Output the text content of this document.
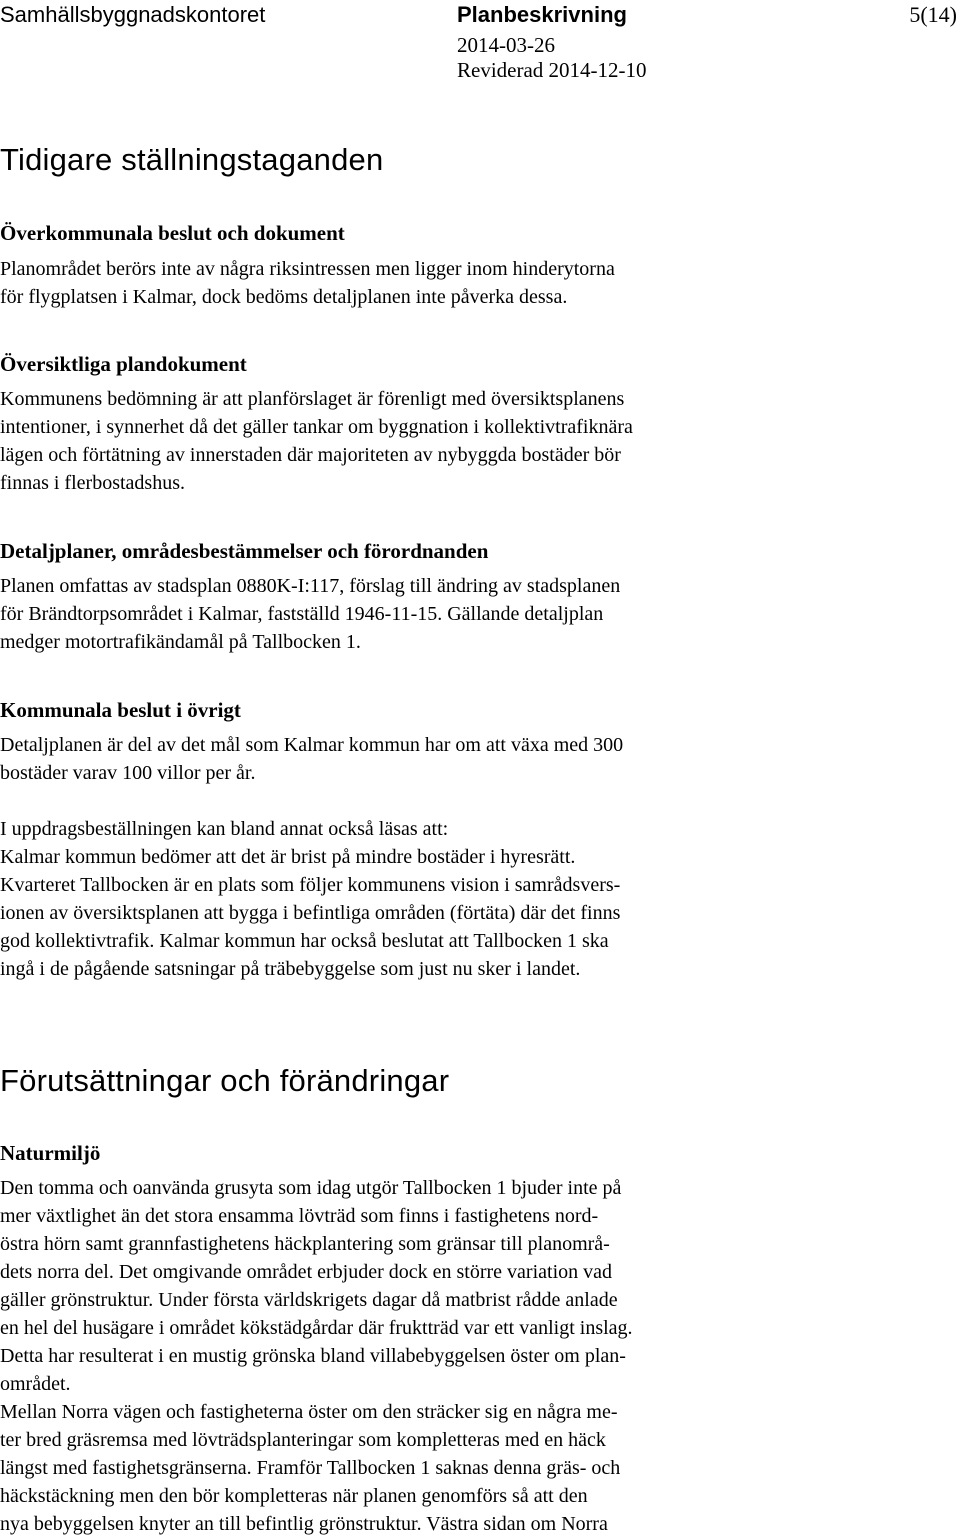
Samhällsbyggnadskontoret	Planbeskrivning	5(14)
2014-03-26
Reviderad 2014-12-10
Tidigare ställningstaganden
Överkommunala beslut och dokument
Planområdet berörs inte av några riksintressen men ligger inom hinderytorna
för flygplatsen i Kalmar, dock bedöms detaljplanen inte påverka dessa.
Översiktliga plandokument
Kommunens bedömning är att planförslaget är förenligt med översiktsplanens
intentioner, i synnerhet då det gäller tankar om byggnation i kollektivtrafiknära
lägen och förtätning av innerstaden där majoriteten av nybyggda bostäder bör
finnas i flerbostadshus.
Detaljplaner, områdesbestämmelser och förordnanden
Planen omfattas av stadsplan 0880K-I:117, förslag till ändring av stadsplanen
för Brändtorpsområdet i Kalmar, fastställd 1946-11-15. Gällande detaljplan
medger motortrafikändamål på Tallbocken 1.
Kommunala beslut i övrigt
Detaljplanen är del av det mål som Kalmar kommun har om att växa med 300
bostäder varav 100 villor per år.
I uppdragsbeställningen kan bland annat också läsas att:
Kalmar kommun bedömer att det är brist på mindre bostäder i hyresrätt.
Kvarteret Tallbocken är en plats som följer kommunens vision i samrådsvers-
ionen av översiktsplanen att bygga i befintliga områden (förtäta) där det finns
god kollektivtrafik. Kalmar kommun har också beslutat att Tallbocken 1 ska
ingå i de pågående satsningar på träbebyggelse som just nu sker i landet.
Förutsättningar och förändringar
Naturmiljö
Den tomma och oanvända grusyta som idag utgör Tallbocken 1 bjuder inte på
mer växtlighet än det stora ensamma lövträd som finns i fastighetens nord-
östra hörn samt grannfastighetens häckplantering som gränsar till planområ-
dets norra del. Det omgivande området erbjuder dock en större variation vad
gäller grönstruktur. Under första världskrigets dagar då matbrist rådde anlade
en hel del husägare i området kökstädgårdar där fruktträd var ett vanligt inslag.
Detta har resulterat i en mustig grönska bland villabebyggelsen öster om plan-
området.
Mellan Norra vägen och fastigheterna öster om den sträcker sig en några me-
ter bred gräsremsa med lövträdsplanteringar som kompletteras med en häck
längst med fastighetsgränserna. Framför Tallbocken 1 saknas denna gräs- och
häckstäckning men den bör kompletteras när planen genomförs så att den
nya bebyggelsen knyter an till befintlig grönstruktur. Västra sidan om Norra
